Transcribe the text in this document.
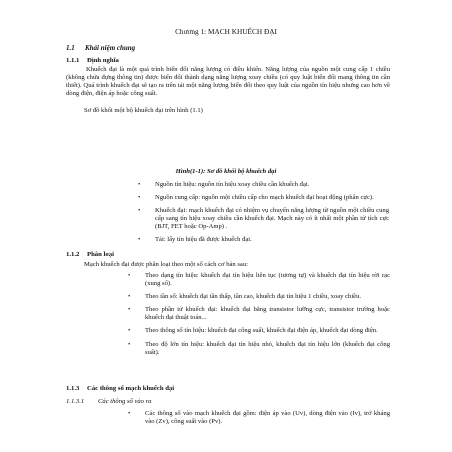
Chương 1: MẠCH KHUẾCH ĐẠI

1.1 Khái niệm chung

1.1.1 Định nghĩa

Khuếch đại là một quá trình biến đổi năng lượng có điều khiển. Năng lượng của nguồn một cung cấp 1 chiều (không chứa đựng thông tin) được biến đổi thành dạng năng lượng xoay chiều (có quy luật biến đổi mang thông tin cần thiết). Quá trình khuếch đại sẽ tạo ra trên tải một năng lượng biến đổi theo quy luật của nguồn tín hiệu nhưng cao hơn về dòng điện, điện áp hoặc công suất.

Sơ đồ khối một bộ khuếch đại trên hình (1.1)

Hình(1-1): Sơ đồ khối bộ khuếch đại

• Nguồn tín hiệu: nguồn tín hiệu xoay chiều cần khuếch đại.
• Nguồn cung cấp: nguồn một chiều cấp cho mạch khuếch đại hoạt động (phân cực).
• Khuếch đại: mạch khuếch đại có nhiệm vụ chuyển năng lượng từ nguồn một chiều cung cấp sang tín hiệu xoay chiều cần khuếch đại. Mạch này có ít nhất một phần tử tích cực (BJT, FET hoặc Op-Amp) .
• Tải: lấy tín hiệu đã được khuếch đại.

1.1.2 Phân loại

Mạch khuếch đại được phân loại theo một số cách cơ bản sau:

• Theo dạng tín hiệu: khuếch đại tín hiệu liên tục (tương tự) và khuếch đại tín hiệu rời rạc (xung số).
• Theo tần số: khuếch đại tần thấp, tần cao, khuếch đại tín hiệu 1 chiều, xoay chiều.
• Theo phần tử khuếch đại: khuếch đại bằng transistor lưỡng cực, transistor trường hoặc khuếch đại thuật toán...
• Theo thông số tín hiệu: khuếch đại công suất, khuếch đại điện áp, khuếch đại dòng điện.
• Theo độ lớn tín hiệu: khuếch đại tín hiệu nhỏ, khuếch đại tín hiệu lớn (khuếch đại công suất).

1.1.3 Các thông số mạch khuếch đại

1.1.3.1 Các thông số vào ra

• Các thông số vào mạch khuếch đại gồm: điện áp vào (Uv), dòng điện vào (Iv), trở kháng vào (Zv), công suất vào (Pv).
